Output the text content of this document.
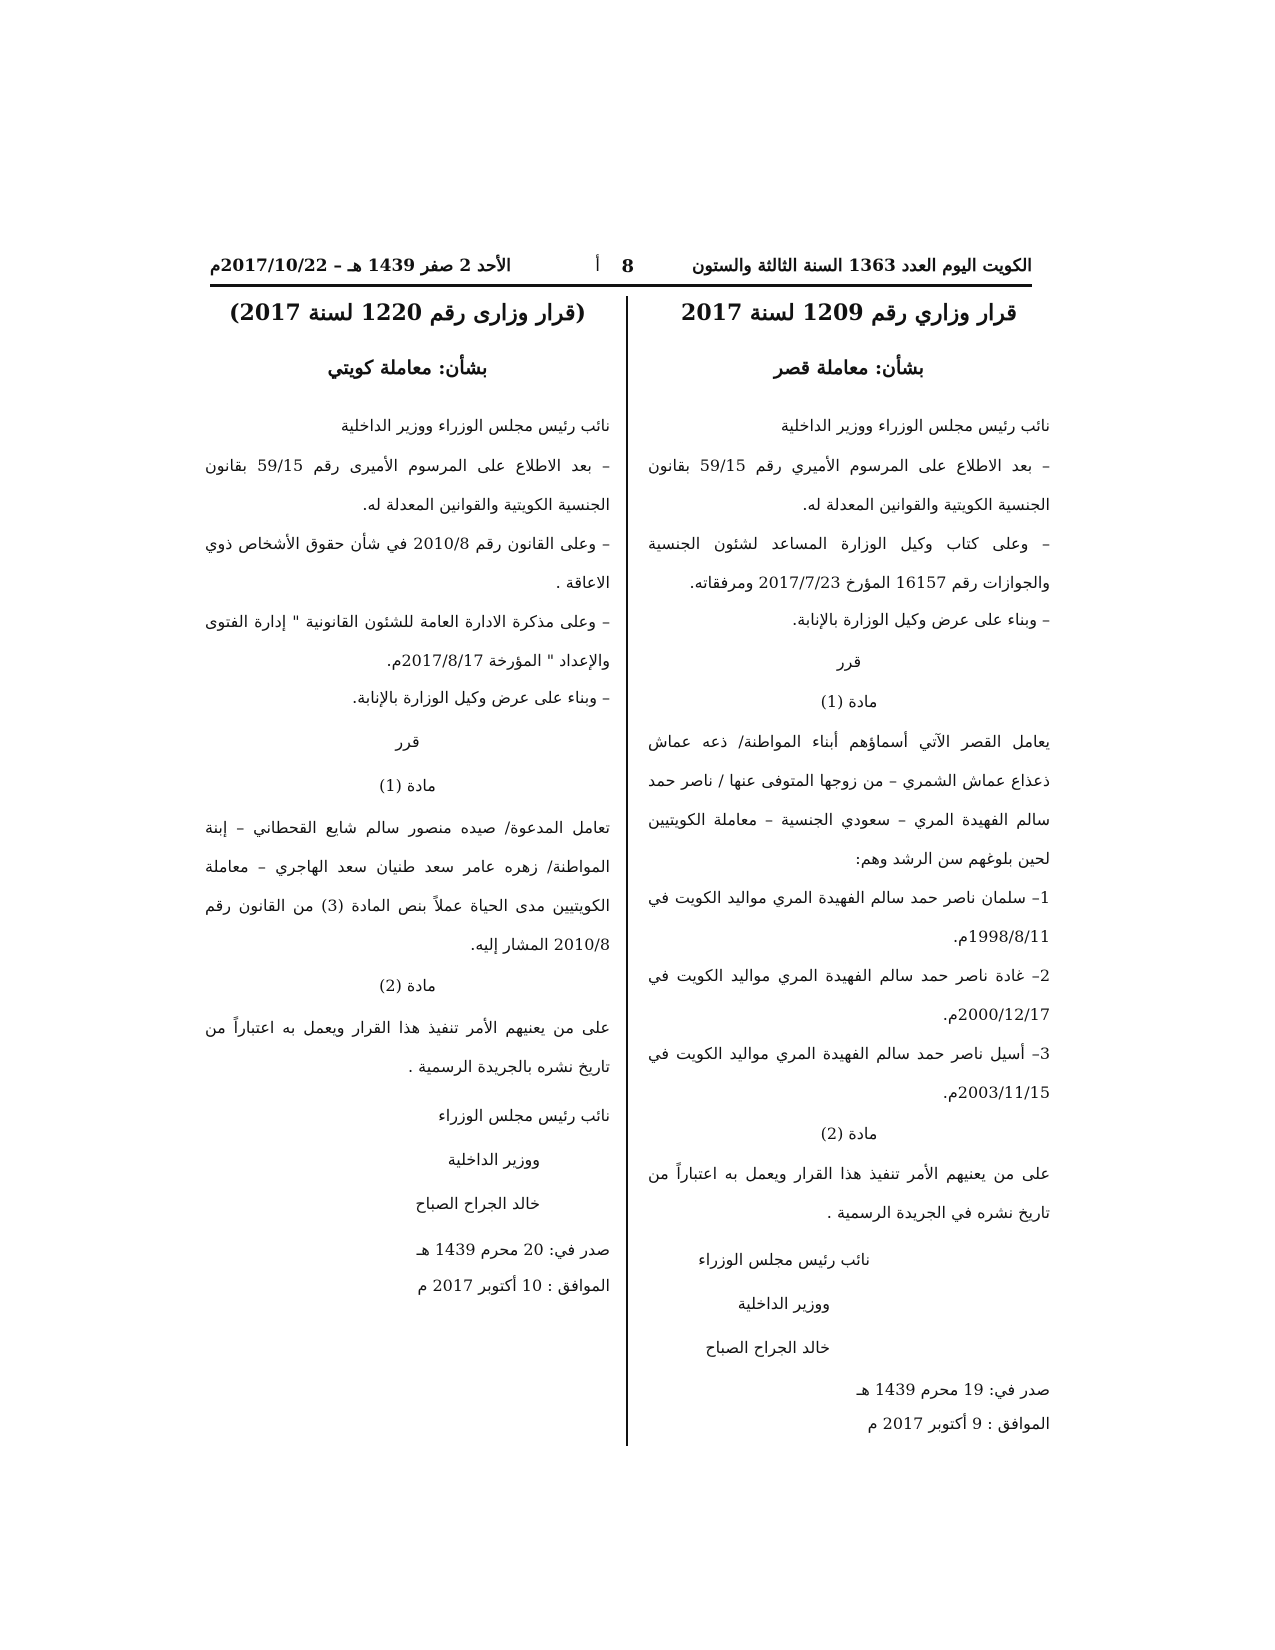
الكويت اليوم العدد 1363 السنة الثالثة والستون
8
أ
الأحد 2 صفر 1439 هـ – 2017/10/22م

قرار وزاري رقم 1209 لسنة 2017

بشأن: معاملة قصر

نائب رئيس مجلس الوزراء ووزير الداخلية

– بعد الاطلاع على المرسوم الأميري رقم 59/15 بقانون الجنسية الكويتية والقوانين المعدلة له.

– وعلى كتاب وكيل الوزارة المساعد لشئون الجنسية والجوازات رقم 16157 المؤرخ 2017/7/23 ومرفقاته.

– وبناء على عرض وكيل الوزارة بالإنابة.

قرر

مادة (1)

يعامل القصر الآتي أسماؤهم أبناء المواطنة/ ذعه عماش ذعذاع عماش الشمري – من زوجها المتوفى عنها / ناصر حمد سالم الفهيدة المري – سعودي الجنسية – معاملة الكويتيين لحين بلوغهم سن الرشد وهم:

1– سلمان ناصر حمد سالم الفهيدة المري مواليد الكويت في 1998/8/11م.

2– غادة ناصر حمد سالم الفهيدة المري مواليد الكويت في 2000/12/17م.

3– أسيل ناصر حمد سالم الفهيدة المري مواليد الكويت في 2003/11/15م.

مادة (2)

على من يعنيهم الأمر تنفيذ هذا القرار ويعمل به اعتباراً من تاريخ نشره في الجريدة الرسمية .

نائب رئيس مجلس الوزراء

ووزير الداخلية

خالد الجراح الصباح

صدر في: 19 محرم 1439 هـ

الموافق : 9 أكتوبر 2017 م

(قرار وزارى رقم 1220 لسنة 2017)

بشأن: معاملة كويتي

نائب رئيس مجلس الوزراء ووزير الداخلية

– بعد الاطلاع على المرسوم الأميرى رقم 59/15 بقانون الجنسية الكويتية والقوانين المعدلة له.

– وعلى القانون رقم 2010/8 في شأن حقوق الأشخاص ذوي الاعاقة .

– وعلى مذكرة الادارة العامة للشئون القانونية " إدارة الفتوى والإعداد " المؤرخة 2017/8/17م.

– وبناء على عرض وكيل الوزارة بالإنابة.

قرر

مادة (1)

تعامل المدعوة/ صيده منصور سالم شايع القحطاني – إبنة المواطنة/ زهره عامر سعد طنيان سعد الهاجري – معاملة الكويتيين مدى الحياة عملاً بنص المادة (3) من القانون رقم 2010/8 المشار إليه.

مادة (2)

على من يعنيهم الأمر تنفيذ هذا القرار ويعمل به اعتباراً من تاريخ نشره بالجريدة الرسمية .

نائب رئيس مجلس الوزراء

ووزير الداخلية

خالد الجراح الصباح

صدر في: 20 محرم 1439 هـ

الموافق : 10 أكتوبر 2017 م
